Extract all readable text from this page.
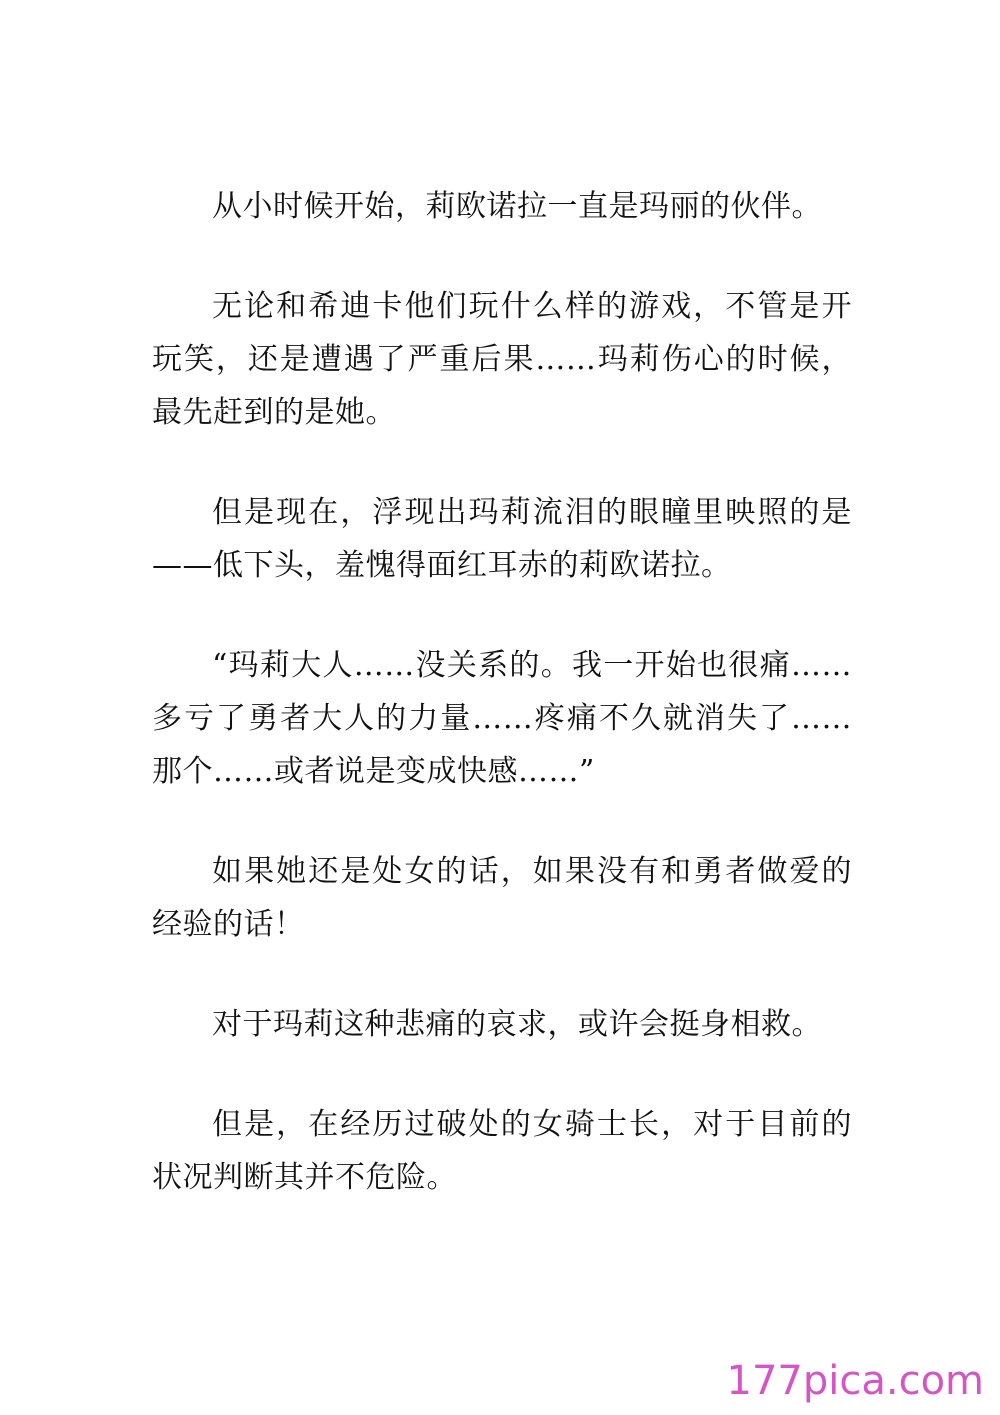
从小时候开始，莉欧诺拉一直是玛丽的伙伴。

无论和希迪卡他们玩什么样的游戏，不管是开玩笑，还是遭遇了严重后果……玛莉伤心的时候，最先赶到的是她。

但是现在，浮现出玛莉流泪的眼瞳里映照的是——低下头，羞愧得面红耳赤的莉欧诺拉。

“玛莉大人……没关系的。我一开始也很痛……多亏了勇者大人的力量……疼痛不久就消失了……那个……或者说是变成快感……”

如果她还是处女的话，如果没有和勇者做爱的经验的话！

对于玛莉这种悲痛的哀求，或许会挺身相救。

但是，在经历过破处的女骑士长，对于目前的状况判断其并不危险。

177pica.com
